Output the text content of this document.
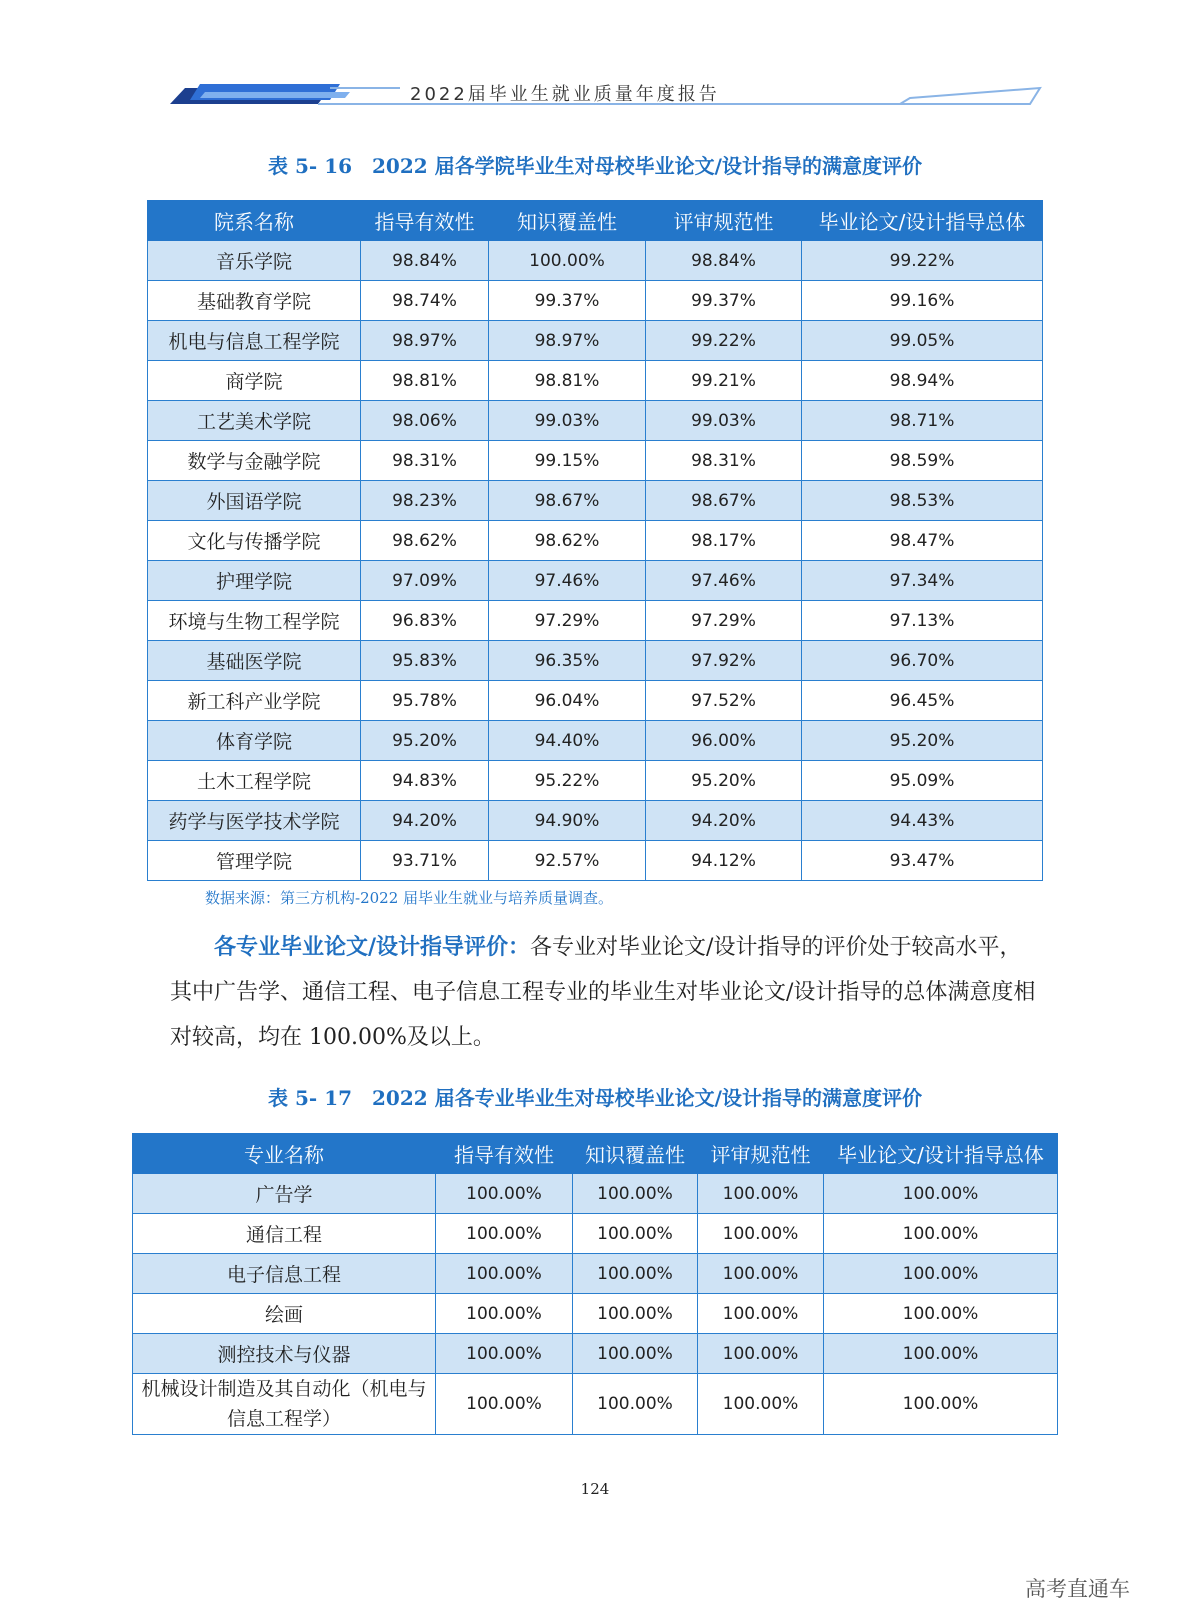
2022届毕业生就业质量年度报告
表 5- 16　2022 届各学院毕业生对母校毕业论文/设计指导的满意度评价
院系名称	指导有效性	知识覆盖性	评审规范性	毕业论文/设计指导总体
音乐学院	98.84%	100.00%	98.84%	99.22%
基础教育学院	98.74%	99.37%	99.37%	99.16%
机电与信息工程学院	98.97%	98.97%	99.22%	99.05%
商学院	98.81%	98.81%	99.21%	98.94%
工艺美术学院	98.06%	99.03%	99.03%	98.71%
数学与金融学院	98.31%	99.15%	98.31%	98.59%
外国语学院	98.23%	98.67%	98.67%	98.53%
文化与传播学院	98.62%	98.62%	98.17%	98.47%
护理学院	97.09%	97.46%	97.46%	97.34%
环境与生物工程学院	96.83%	97.29%	97.29%	97.13%
基础医学院	95.83%	96.35%	97.92%	96.70%
新工科产业学院	95.78%	96.04%	97.52%	96.45%
体育学院	95.20%	94.40%	96.00%	95.20%
土木工程学院	94.83%	95.22%	95.20%	95.09%
药学与医学技术学院	94.20%	94.90%	94.20%	94.43%
管理学院	93.71%	92.57%	94.12%	93.47%
数据来源：第三方机构-2022 届毕业生就业与培养质量调查。
各专业毕业论文/设计指导评价：各专业对毕业论文/设计指导的评价处于较高水平，其中广告学、通信工程、电子信息工程专业的毕业生对毕业论文/设计指导的总体满意度相对较高，均在 100.00%及以上。
表 5- 17　2022 届各专业毕业生对母校毕业论文/设计指导的满意度评价
专业名称	指导有效性	知识覆盖性	评审规范性	毕业论文/设计指导总体
广告学	100.00%	100.00%	100.00%	100.00%
通信工程	100.00%	100.00%	100.00%	100.00%
电子信息工程	100.00%	100.00%	100.00%	100.00%
绘画	100.00%	100.00%	100.00%	100.00%
测控技术与仪器	100.00%	100.00%	100.00%	100.00%
机械设计制造及其自动化（机电与信息工程学）	100.00%	100.00%	100.00%	100.00%
124
高考直通车
